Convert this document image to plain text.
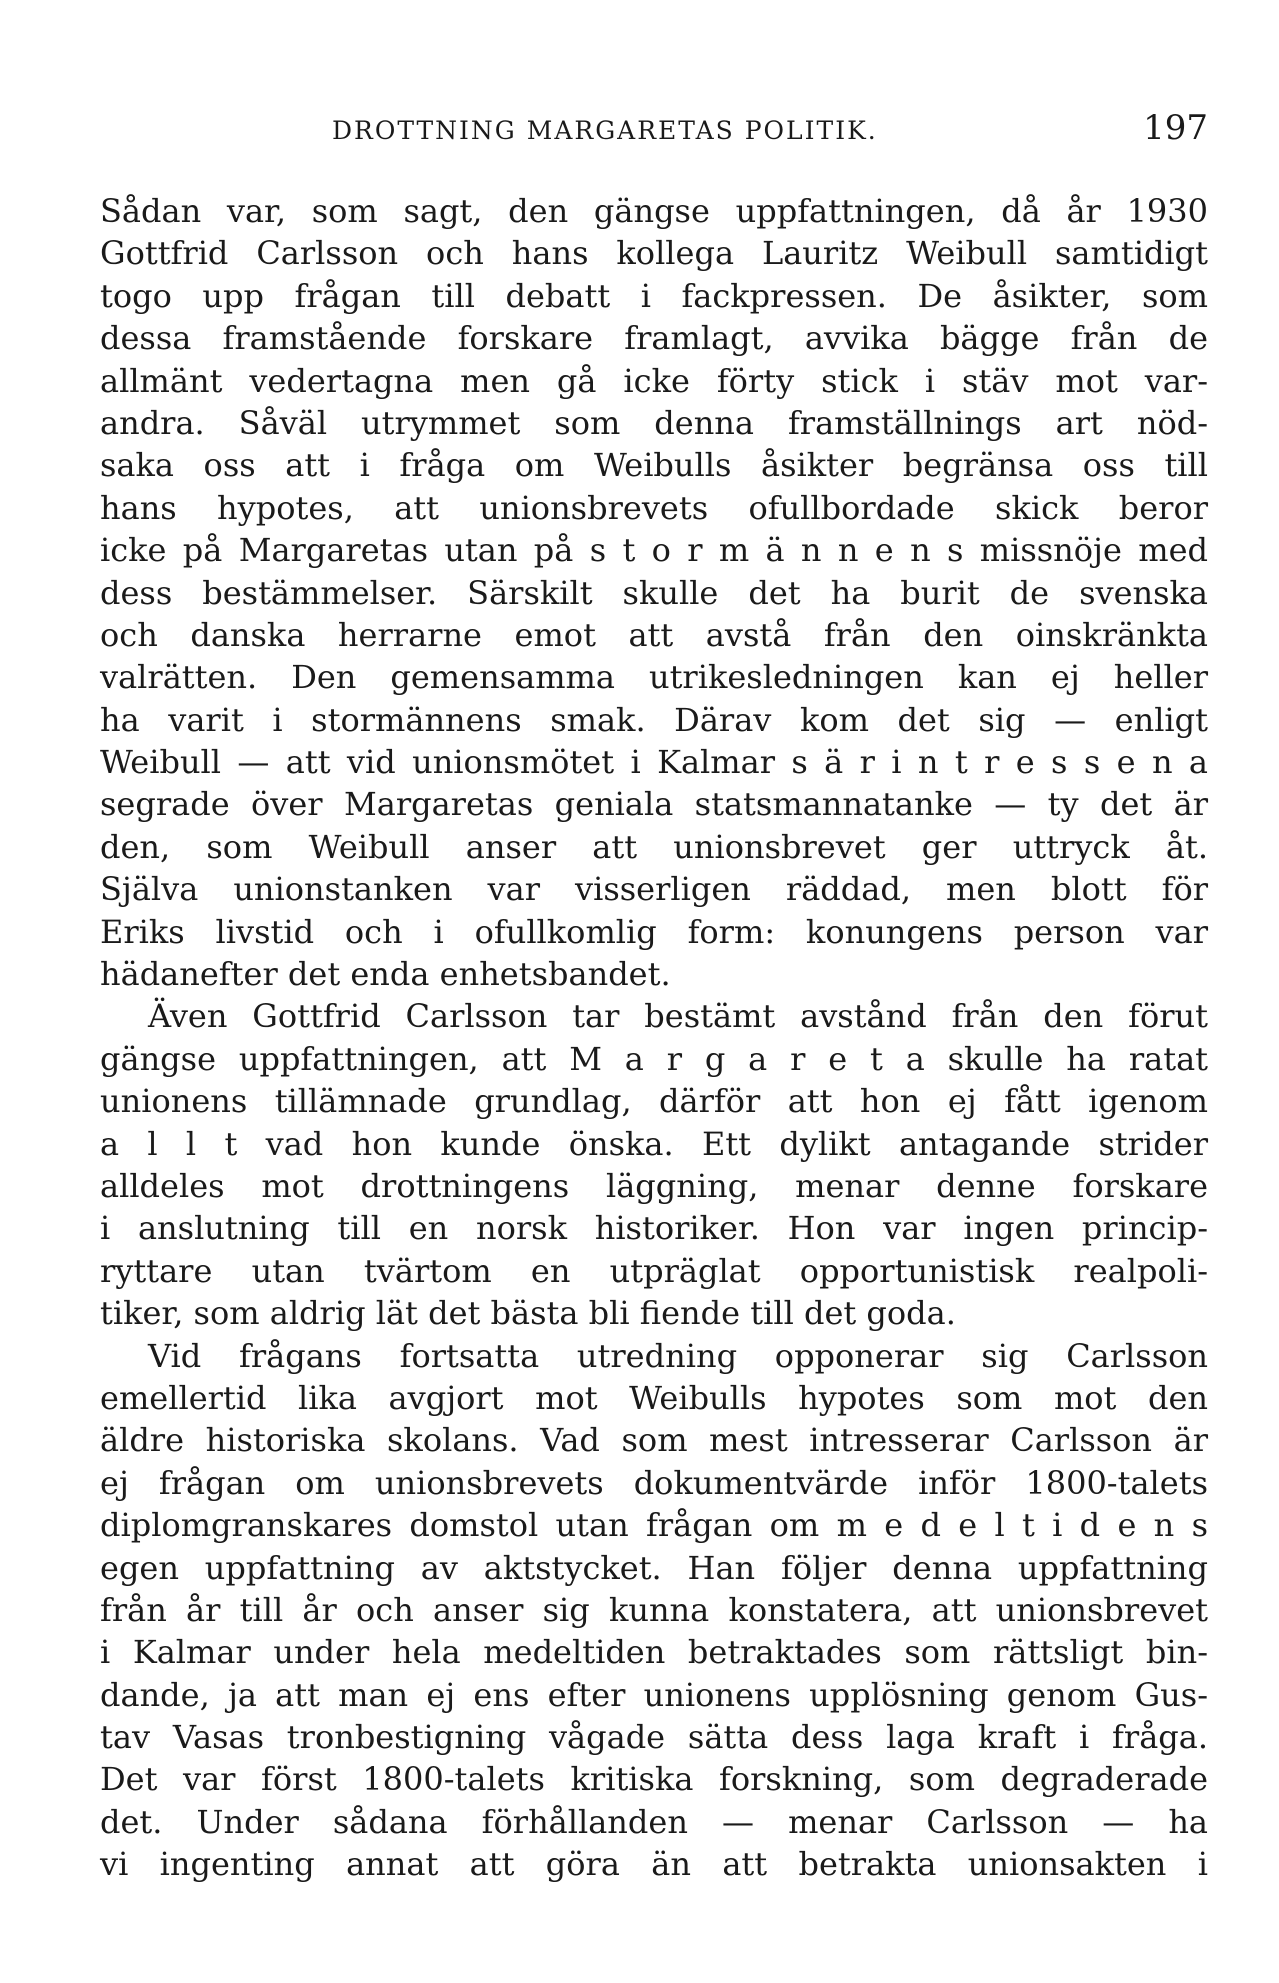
DROTTNING MARGARETAS POLITIK.	197
Sådan var, som sagt, den gängse uppfattningen, då år 1930
Gottfrid Carlsson och hans kollega Lauritz Weibull samtidigt
togo upp frågan till debatt i fackpressen. De åsikter, som
dessa framstående forskare framlagt, avvika bägge från de
allmänt vedertagna men gå icke förty stick i stäv mot var-
andra. Såväl utrymmet som denna framställnings art nöd-
saka oss att i fråga om Weibulls åsikter begränsa oss till
hans hypotes, att unionsbrevets ofullbordade skick beror
icke på Margaretas utan på s t o r m ä n n e n s missnöje med
dess bestämmelser. Särskilt skulle det ha burit de svenska
och danska herrarne emot att avstå från den oinskränkta
valrätten. Den gemensamma utrikesledningen kan ej heller
ha varit i stormännens smak. Därav kom det sig — enligt
Weibull — att vid unionsmötet i Kalmar s ä r i n t r e s s e n a
segrade över Margaretas geniala statsmannatanke — ty det är
den, som Weibull anser att unionsbrevet ger uttryck åt.
Själva unionstanken var visserligen räddad, men blott för
Eriks livstid och i ofullkomlig form: konungens person var
hädanefter det enda enhetsbandet.
Även Gottfrid Carlsson tar bestämt avstånd från den förut
gängse uppfattningen, att M a r g a r e t a skulle ha ratat
unionens tillämnade grundlag, därför att hon ej fått igenom
a l l t vad hon kunde önska. Ett dylikt antagande strider
alldeles mot drottningens läggning, menar denne forskare
i anslutning till en norsk historiker. Hon var ingen princip-
ryttare utan tvärtom en utpräglat opportunistisk realpoli-
tiker, som aldrig lät det bästa bli fiende till det goda.
Vid frågans fortsatta utredning opponerar sig Carlsson
emellertid lika avgjort mot Weibulls hypotes som mot den
äldre historiska skolans. Vad som mest intresserar Carlsson är
ej frågan om unionsbrevets dokumentvärde inför 1800-talets
diplomgranskares domstol utan frågan om m e d e l t i d e n s
egen uppfattning av aktstycket. Han följer denna uppfattning
från år till år och anser sig kunna konstatera, att unionsbrevet
i Kalmar under hela medeltiden betraktades som rättsligt bin-
dande, ja att man ej ens efter unionens upplösning genom Gus-
tav Vasas tronbestigning vågade sätta dess laga kraft i fråga.
Det var först 1800-talets kritiska forskning, som degraderade
det. Under sådana förhållanden — menar Carlsson — ha
vi ingenting annat att göra än att betrakta unionsakten i
